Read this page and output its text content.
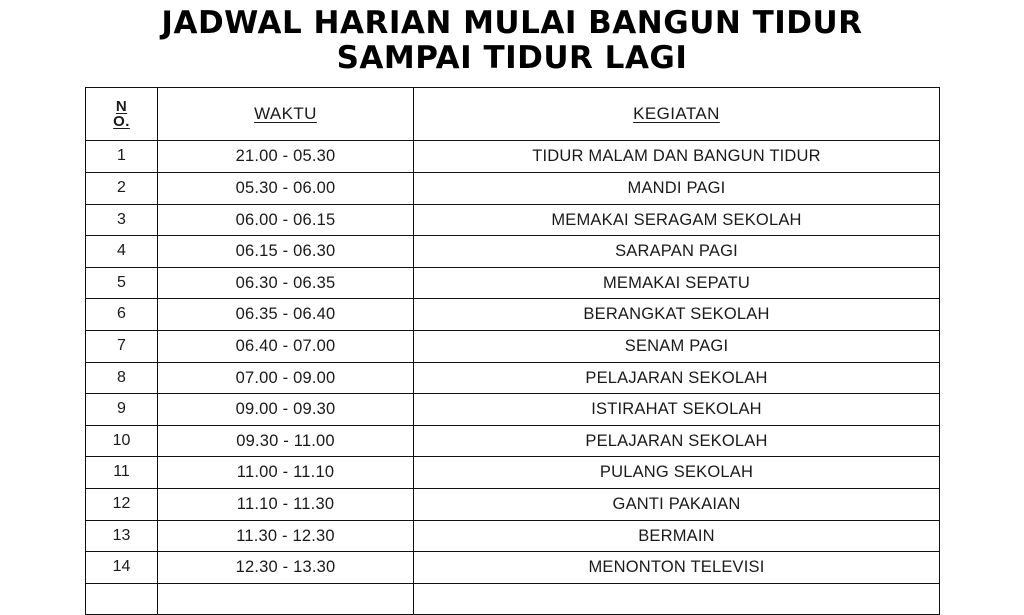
JADWAL HARIAN MULAI BANGUN TIDUR
SAMPAI TIDUR LAGI
N
O.	WAKTU	KEGIATAN
1	21.00 - 05.30	TIDUR MALAM DAN BANGUN TIDUR
2	05.30 - 06.00	MANDI PAGI
3	06.00 - 06.15	MEMAKAI SERAGAM SEKOLAH
4	06.15 - 06.30	SARAPAN PAGI
5	06.30 - 06.35	MEMAKAI SEPATU
6	06.35 - 06.40	BERANGKAT SEKOLAH
7	06.40 - 07.00	SENAM PAGI
8	07.00 - 09.00	PELAJARAN SEKOLAH
9	09.00 - 09.30	ISTIRAHAT SEKOLAH
10	09.30 - 11.00	PELAJARAN SEKOLAH
11	11.00 - 11.10	PULANG SEKOLAH
12	11.10 - 11.30	GANTI PAKAIAN
13	11.30 - 12.30	BERMAIN
14	12.30 - 13.30	MENONTON TELEVISI
